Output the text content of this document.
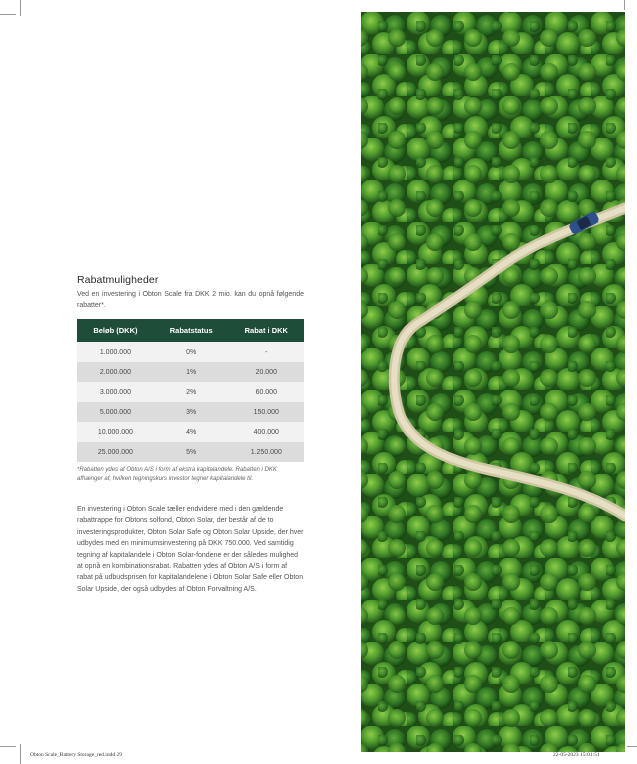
Rabatmuligheder

Ved en investering i Obton Scale fra DKK 2 mio. kan du opnå følgende rabatter*.

Beløb (DKK)	Rabatstatus	Rabat i DKK
1.000.000	0%	-
2.000.000	1%	20.000
3.000.000	2%	60.000
5.000.000	3%	150.000
10.000.000	4%	400.000
25.000.000	5%	1.250.000

*Rabatten ydes af Obton A/S i form af ekstra kapitalandele. Rabatten i DKK afhænger af, hvilken tegningskurs investor tegner kapitalandele til.

En investering i Obton Scale tæller endvidere med i den gældende rabattrappe for Obtons solfond, Obton Solar, der består af de to investeringsprodukter, Obton Solar Safe og Obton Solar Upside, der hver udbydes med en minimumsinvestering på DKK 750.000. Ved samtidig tegning af kapitalandele i Obton Solar-fondene er der således mulighed at opnå en kombinationsrabat. Rabatten ydes af Obton A/S i form af rabat på udbudsprisen for kapitalandelene i Obton Solar Safe eller Obton Solar Upside, der også udbydes af Obton Forvaltning A/S.

Obton Scale_Battery Storage_red.indd 29	22-05-2023 15:01:51
